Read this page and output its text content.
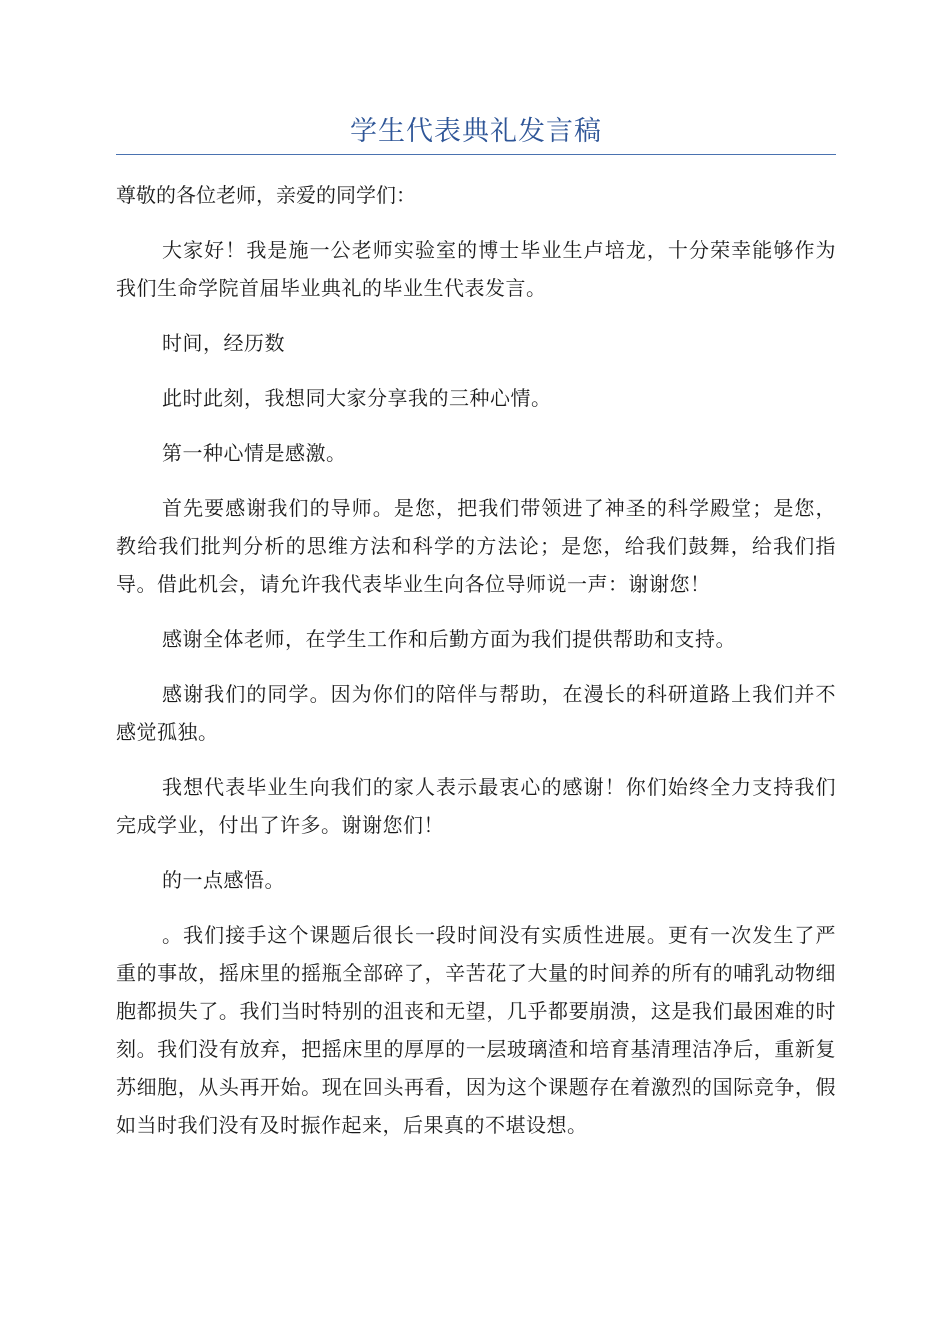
学生代表典礼发言稿

尊敬的各位老师，亲爱的同学们：

大家好！我是施一公老师实验室的博士毕业生卢培龙，十分荣幸能够作为我们生命学院首届毕业典礼的毕业生代表发言。

时间，经历数

此时此刻，我想同大家分享我的三种心情。

第一种心情是感激。

首先要感谢我们的导师。是您，把我们带领进了神圣的科学殿堂；是您，教给我们批判分析的思维方法和科学的方法论；是您，给我们鼓舞，给我们指导。借此机会，请允许我代表毕业生向各位导师说一声：谢谢您！

感谢全体老师，在学生工作和后勤方面为我们提供帮助和支持。

感谢我们的同学。因为你们的陪伴与帮助，在漫长的科研道路上我们并不感觉孤独。

我想代表毕业生向我们的家人表示最衷心的感谢！你们始终全力支持我们完成学业，付出了许多。谢谢您们！

的一点感悟。

。我们接手这个课题后很长一段时间没有实质性进展。更有一次发生了严重的事故，摇床里的摇瓶全部碎了，辛苦花了大量的时间养的所有的哺乳动物细胞都损失了。我们当时特别的沮丧和无望，几乎都要崩溃，这是我们最困难的时刻。我们没有放弃，把摇床里的厚厚的一层玻璃渣和培育基清理洁净后，重新复苏细胞，从头再开始。现在回头再看，因为这个课题存在着激烈的国际竞争，假如当时我们没有及时振作起来，后果真的不堪设想。
